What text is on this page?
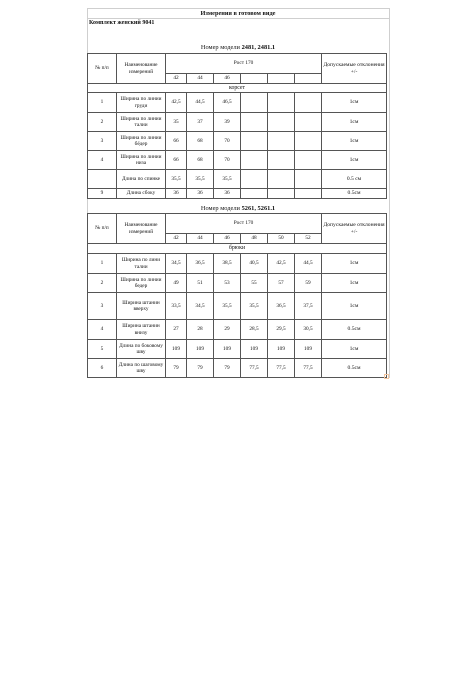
Измерения в готовом виде
Комплект женский 9041
Номер модели 2481, 2481.1
№ п/п	Наименование измерений	Рост 170						Допускаемые отклонения +/-
		42	44	46				
корсет								
1	Ширина по линии груди	42,5	44,5	46,5				1см
2	Ширина по линии талии	35	37	39				1см
3	Ширина по линии бёдер	66	68	70				1см
4	Ширина по линии низа	66	68	70				1см
	Длина по спинке	35,5	35,5	35,5				0.5 см
9	Длина сбоку	36	36	36				0.5см
Номер модели 5261, 5261.1
№ п/п	Наименование измерений	Рост 170						Допускаемые отклонения +/-
		42	44	46	48	50	52	
брюки								
1	Ширина по лини талии	34,5	36,5	38,5	40,5	42,5	44,5	1см
2	Ширина по линии бедер	49	51	53	55	57	59	1см
3	Ширина штанин вверху	33,5	34,5	35,5	35,5	36,5	37,5	1см
4	Ширина штанин внизу	27	28	29	28,5	29,5	30,5	0.5см
5	Длина по боковому шву	109	109	109	109	109	109	1см
6	Длина по шаговому шву	79	79	79	77,5	77,5	77,5	0.5см
